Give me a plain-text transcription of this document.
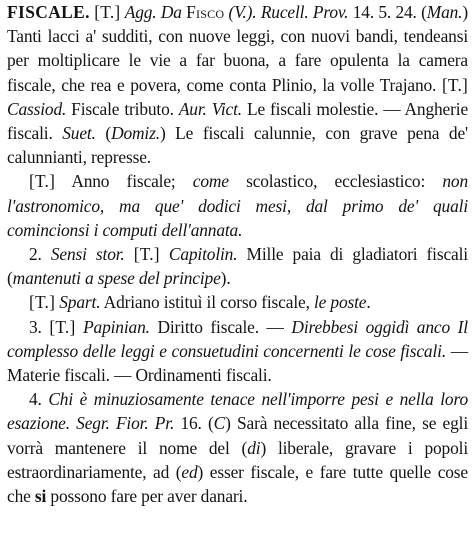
FISCALE. [T.] Agg. Da Fisco (V.). Rucell. Prov. 14. 5. 24. (Man.) Tanti lacci a' sudditi, con nuove leggi, con nuovi bandi, tendeansi per moltiplicare le vie a far buona, a fare opulenta la camera fiscale, che rea e povera, come conta Plinio, la volle Trajano. [T.] Cassiod. Fiscale tributo. Aur. Vict. Le fiscali molestie. — Angherie fiscali. Suet. (Domiz.) Le fiscali calunnie, con grave pena de' calunnianti, represse.

[T.] Anno fiscale; come scolastico, ecclesiastico: non l'astronomico, ma que' dodici mesi, dal primo de' quali comincionsi i computi dell'annata.

2. Sensi stor. [T.] Capitolin. Mille paia di gladiatori fiscali (mantenuti a spese del principe).

[T.] Spart. Adriano istituì il corso fiscale, le poste.

3. [T.] Papinian. Diritto fiscale. — Direbbesi oggidì anco Il complesso delle leggi e consuetudini concernenti le cose fiscali. — Materie fiscali. — Ordinamenti fiscali.

4. Chi è minuziosamente tenace nell'imporre pesi e nella loro esazione. Segr. Fior. Pr. 16. (C) Sarà necessitato alla fine, se egli vorrà mantenere il nome del (di) liberale, gravare i popoli estraordinariamente, ad (ed) esser fiscale, e fare tutte quelle cose che si possono fare per aver danari.
